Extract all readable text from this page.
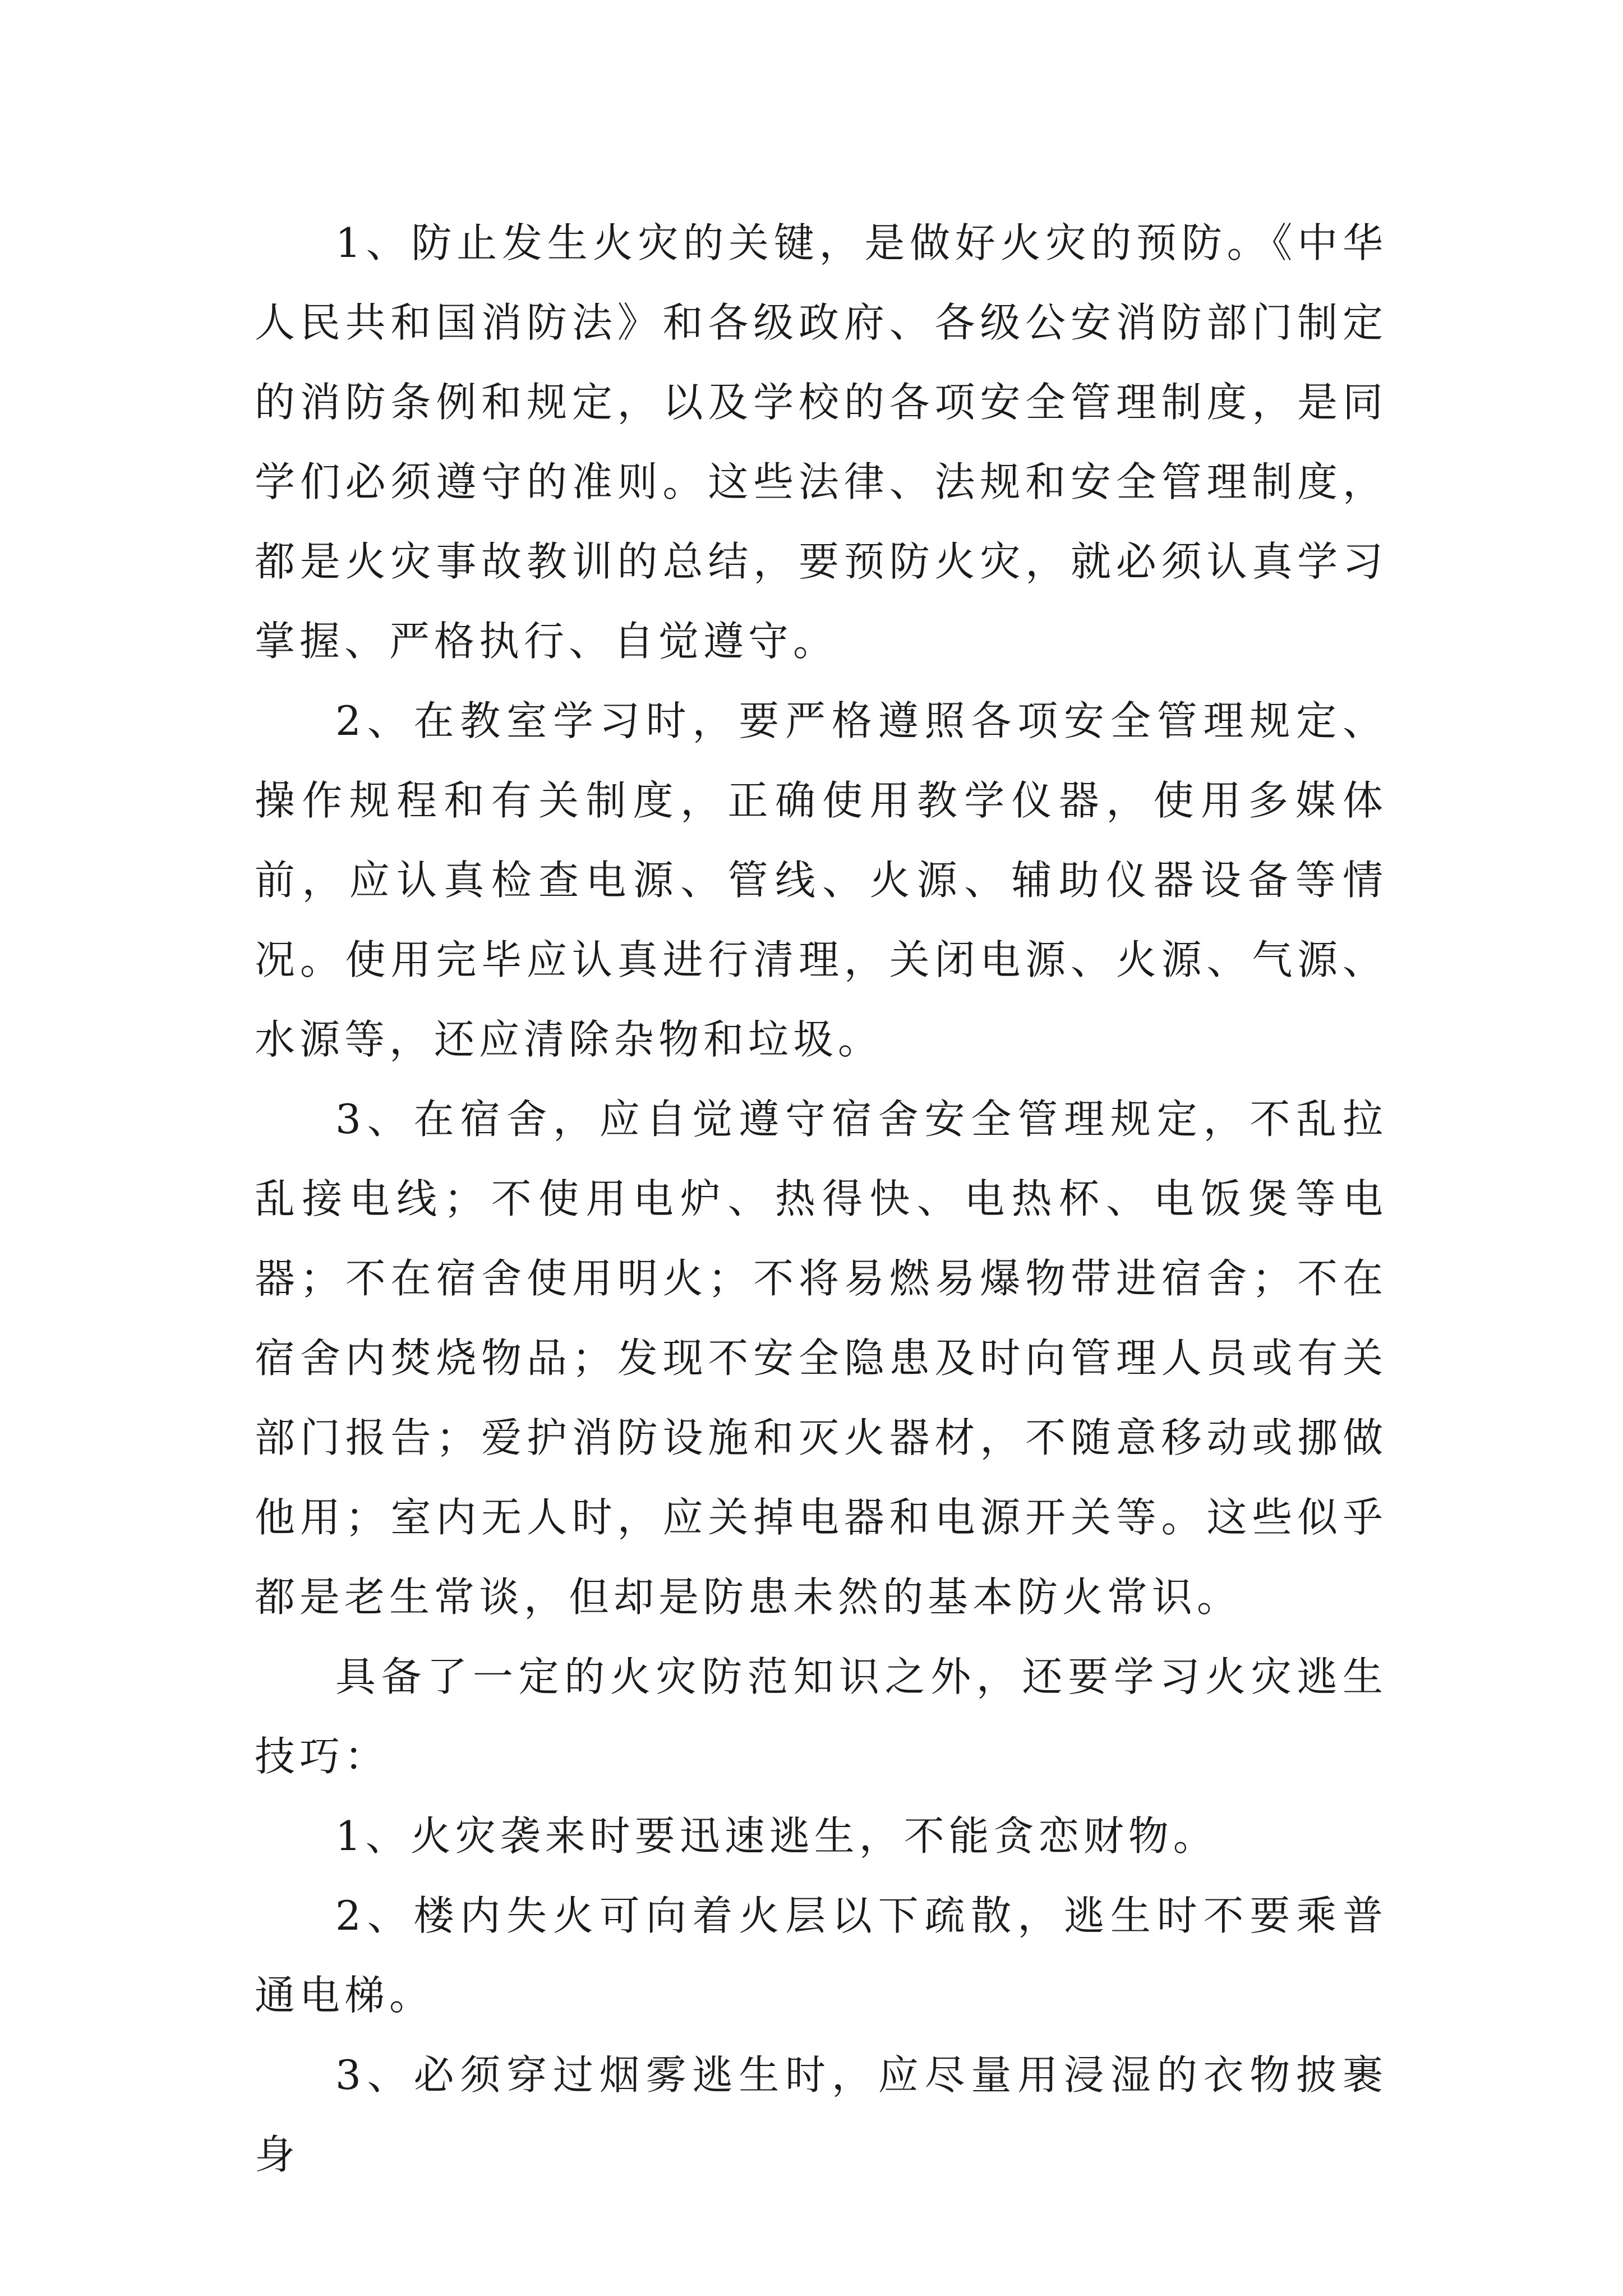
1、防止发生火灾的关键，是做好火灾的预防。《中华人民共和国消防法》和各级政府、各级公安消防部门制定的消防条例和规定，以及学校的各项安全管理制度，是同学们必须遵守的准则。这些法律、法规和安全管理制度，都是火灾事故教训的总结，要预防火灾，就必须认真学习掌握、严格执行、自觉遵守。

2、在教室学习时，要严格遵照各项安全管理规定、操作规程和有关制度，正确使用教学仪器，使用多媒体前，应认真检查电源、管线、火源、辅助仪器设备等情况。使用完毕应认真进行清理，关闭电源、火源、气源、水源等，还应清除杂物和垃圾。

3、在宿舍，应自觉遵守宿舍安全管理规定，不乱拉乱接电线；不使用电炉、热得快、电热杯、电饭煲等电器；不在宿舍使用明火；不将易燃易爆物带进宿舍；不在宿舍内焚烧物品；发现不安全隐患及时向管理人员或有关部门报告；爱护消防设施和灭火器材，不随意移动或挪做他用；室内无人时，应关掉电器和电源开关等。这些似乎都是老生常谈，但却是防患未然的基本防火常识。

具备了一定的火灾防范知识之外，还要学习火灾逃生技巧：

1、火灾袭来时要迅速逃生，不能贪恋财物。

2、楼内失火可向着火层以下疏散，逃生时不要乘普通电梯。

3、必须穿过烟雾逃生时，应尽量用浸湿的衣物披裹身
